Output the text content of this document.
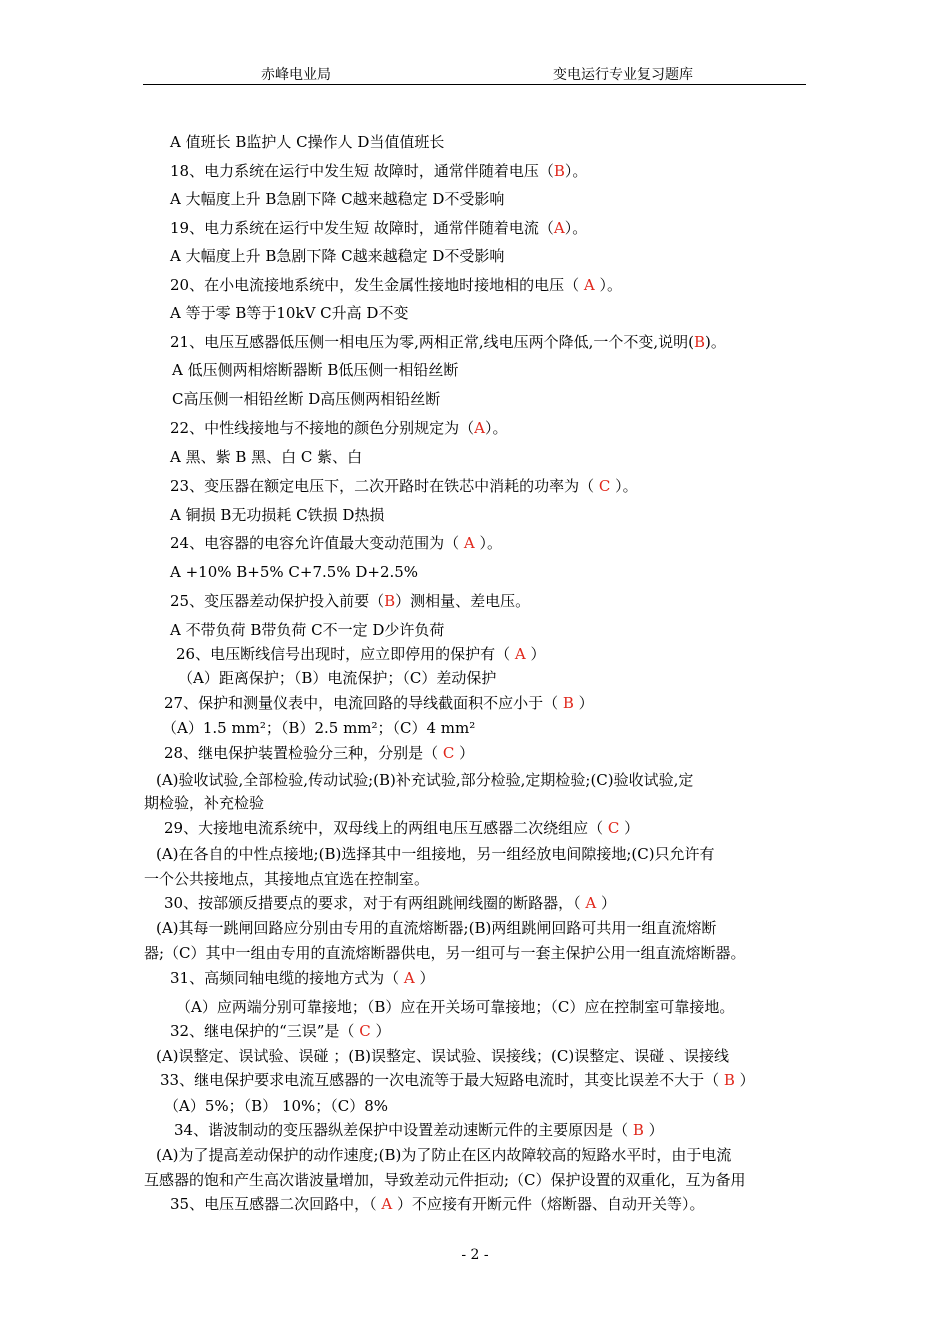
赤峰电业局	变电运行专业复习题库
A 值班长 B监护人 C操作人 D当值值班长
18、电力系统在运行中发生短 故障时，通常伴随着电压（B）。
A 大幅度上升 B急剧下降 C越来越稳定 D不受影响
19、电力系统在运行中发生短 故障时，通常伴随着电流（A）。
A 大幅度上升 B急剧下降 C越来越稳定 D不受影响
20、在小电流接地系统中，发生金属性接地时接地相的电压（ A ）。
A 等于零 B等于10kV C升高 D不变
21、电压互感器低压侧一相电压为零,两相正常,线电压两个降低,一个不变,说明(B)。
A 低压侧两相熔断器断 B低压侧一相铅丝断
C高压侧一相铅丝断 D高压侧两相铅丝断
22、中性线接地与不接地的颜色分别规定为（A）。
A 黑、紫 B 黑、白 C 紫、白
23、变压器在额定电压下，二次开路时在铁芯中消耗的功率为（ C ）。
A 铜损 B无功损耗 C铁损 D热损
24、电容器的电容允许值最大变动范围为（ A ）。
A +10% B+5% C+7.5% D+2.5%
25、变压器差动保护投入前要（B）测相量、差电压。
A 不带负荷 B带负荷 C不一定 D少许负荷
26、电压断线信号出现时，应立即停用的保护有（ A ）
（A）距离保护；（B）电流保护；（C）差动保护
27、保护和测量仪表中，电流回路的导线截面积不应小于（ B ）
（A）1.5 mm²；（B）2.5 mm²；（C）4 mm²
28、继电保护装置检验分三种，分别是（ C ）
(A)验收试验,全部检验,传动试验;(B)补充试验,部分检验,定期检验;(C)验收试验,定
期检验，补充检验
29、大接地电流系统中，双母线上的两组电压互感器二次绕组应（ C ）
(A)在各自的中性点接地;(B)选择其中一组接地，另一组经放电间隙接地;(C)只允许有
一个公共接地点，其接地点宜选在控制室。
30、按部颁反措要点的要求，对于有两组跳闸线圈的断路器，（ A ）
(A)其每一跳闸回路应分别由专用的直流熔断器;(B)两组跳闸回路可共用一组直流熔断
器;（C）其中一组由专用的直流熔断器供电，另一组可与一套主保护公用一组直流熔断器。
31、高频同轴电缆的接地方式为（ A ）
（A）应两端分别可靠接地；（B）应在开关场可靠接地；（C）应在控制室可靠接地。
32、继电保护的“三误”是（ C ）
(A)误整定、误试验、误碰 ；(B)误整定、误试验、误接线；(C)误整定、误碰 、误接线
33、继电保护要求电流互感器的一次电流等于最大短路电流时，其变比误差不大于（ B ）
（A）5%；（B） 10%；（C）8%
34、谐波制动的变压器纵差保护中设置差动速断元件的主要原因是（ B ）
(A)为了提高差动保护的动作速度;(B)为了防止在区内故障较高的短路水平时，由于电流
互感器的饱和产生高次谐波量增加，导致差动元件拒动;（C）保护设置的双重化，互为备用
35、电压互感器二次回路中，（ A ）不应接有开断元件（熔断器、自动开关等）。
- 2 -
